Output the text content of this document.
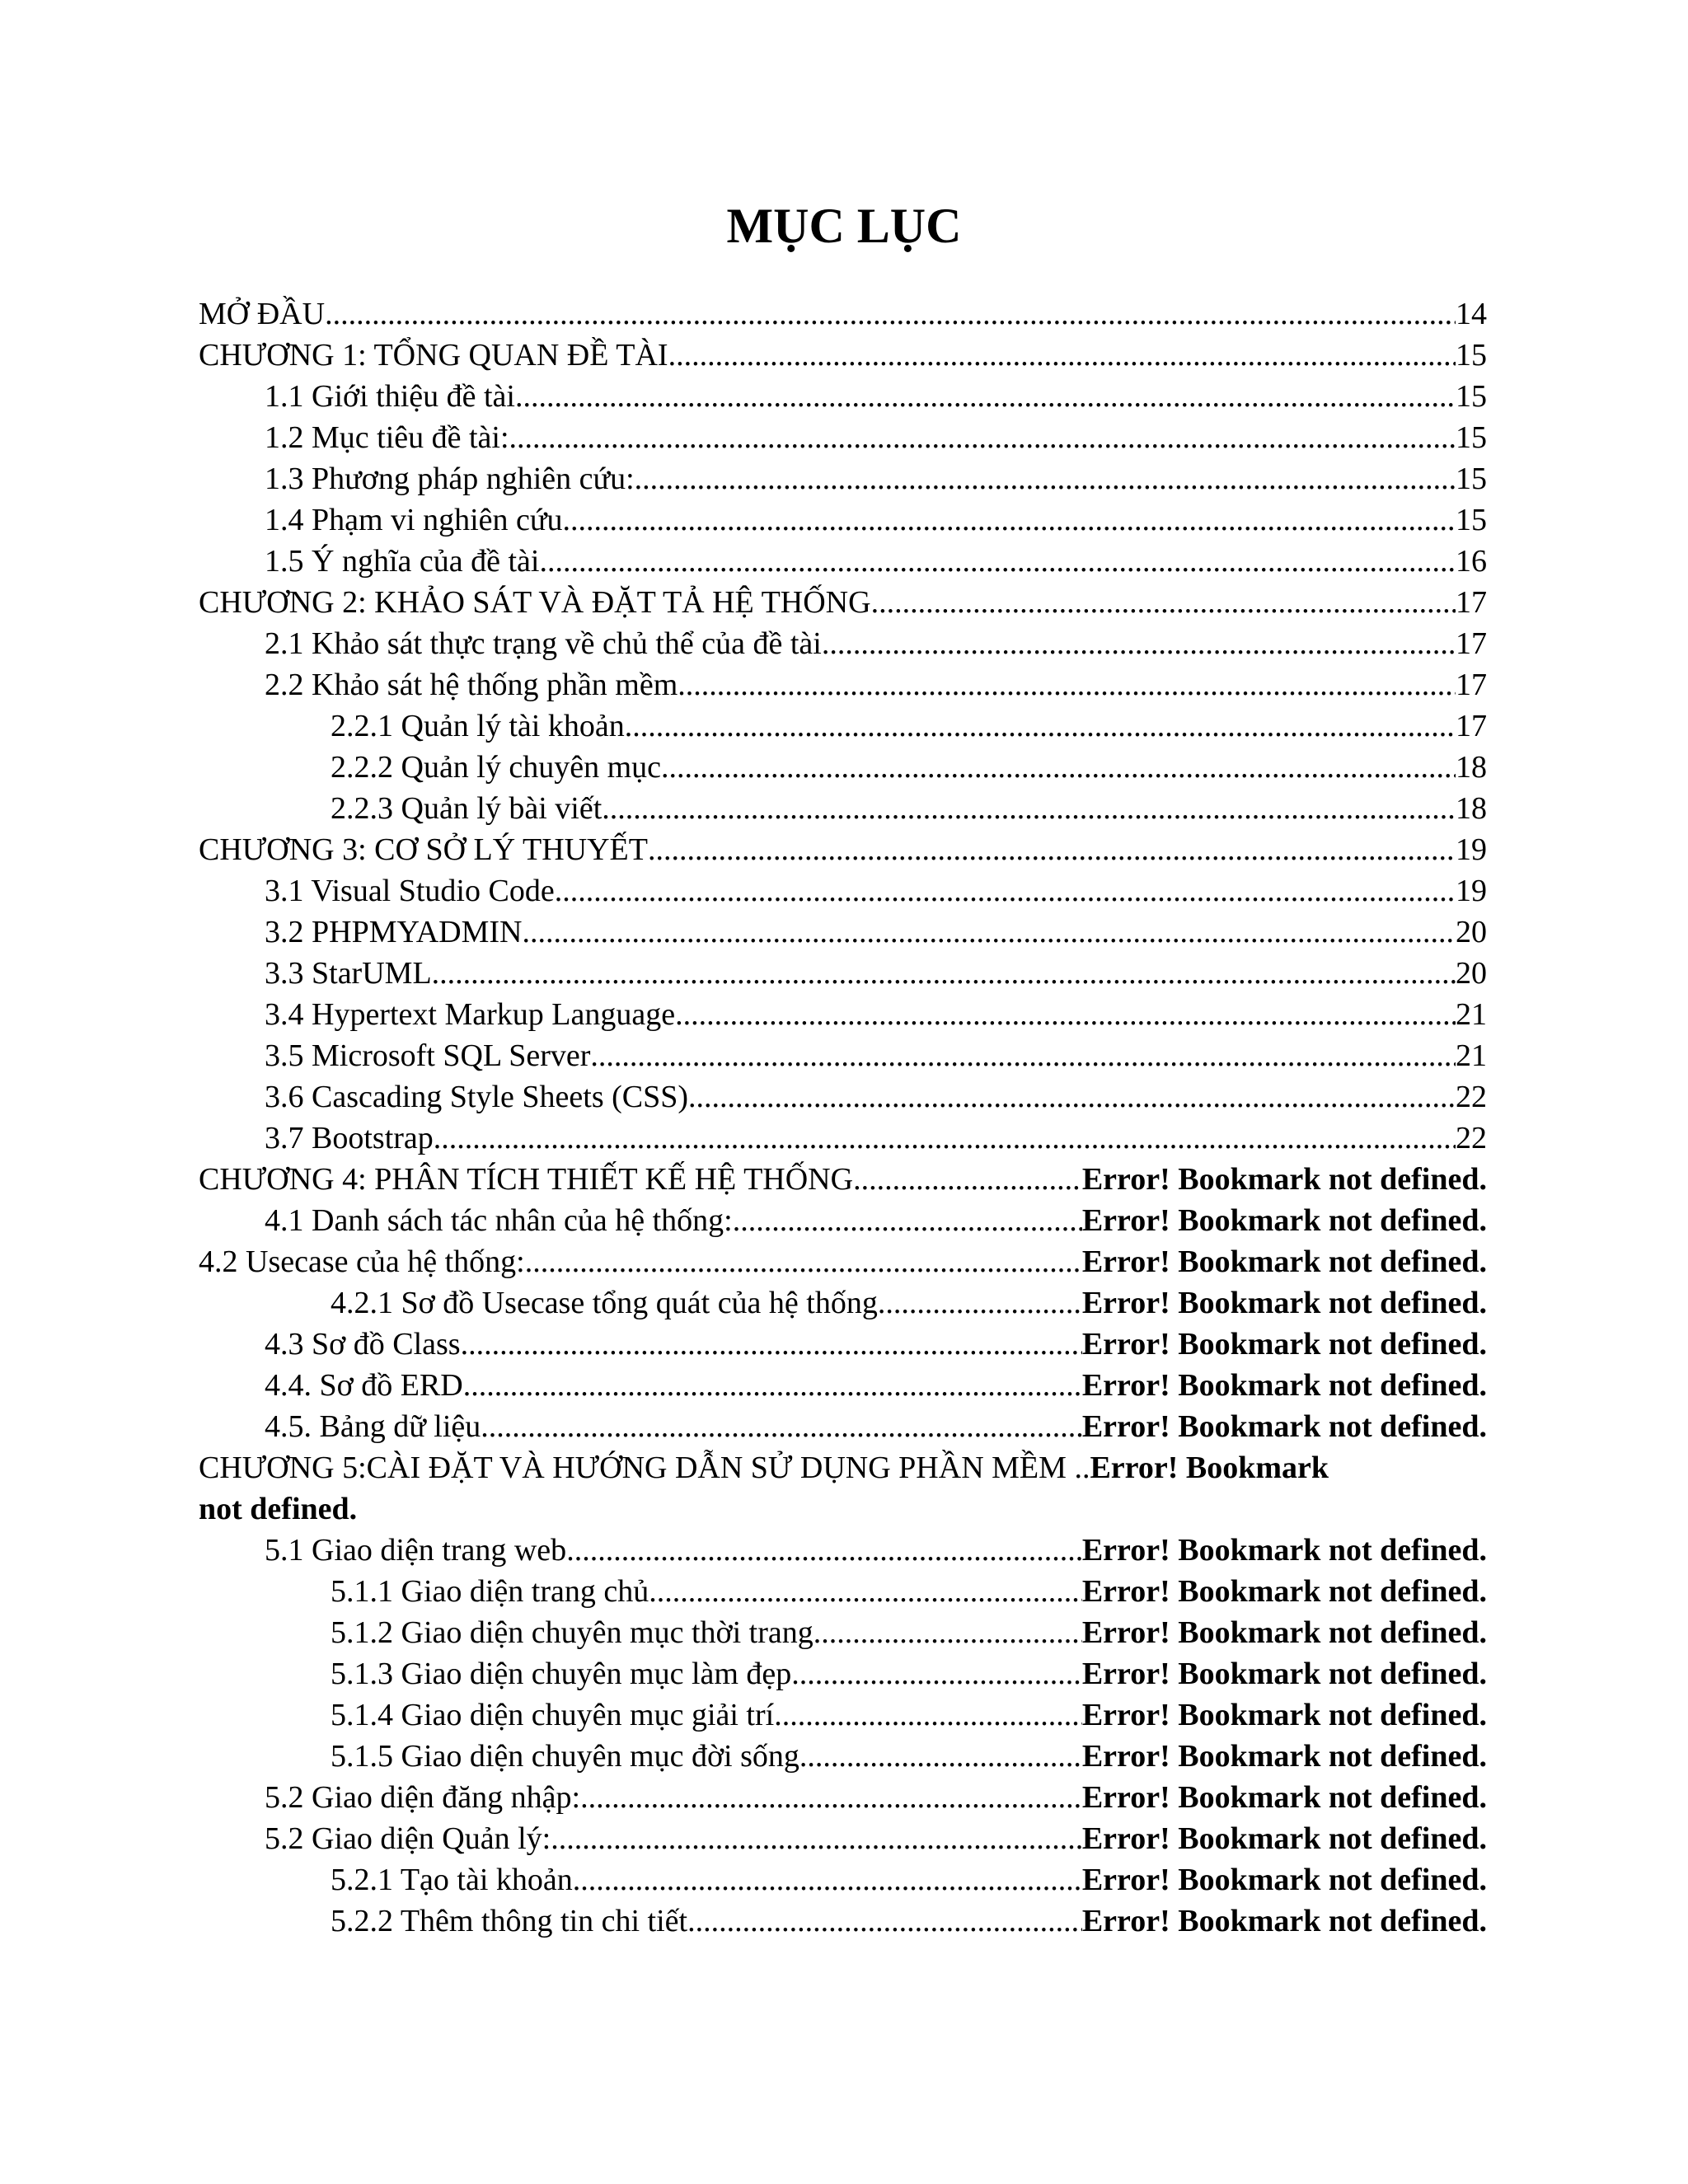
MỤC LỤC
MỞ ĐẦU .....	14
CHƯƠNG 1: TỔNG QUAN ĐỀ TÀI .....	15
1.1 Giới thiệu đề tài .....	15
1.2 Mục tiêu đề tài: .....	15
1.3 Phương pháp nghiên cứu: .....	15
1.4 Phạm vi nghiên cứu .....	15
1.5 Ý nghĩa của đề tài .....	16
CHƯƠNG 2: KHẢO SÁT VÀ ĐẶT TẢ HỆ THỐNG .....	17
2.1 Khảo sát thực trạng về chủ thể của đề tài. .....	17
2.2 Khảo sát hệ thống phần mềm .....	17
2.2.1 Quản lý tài khoản .....	17
2.2.2 Quản lý chuyên mục .....	18
2.2.3 Quản lý bài viết .....	18
CHƯƠNG 3: CƠ SỞ LÝ THUYẾT .....	19
3.1 Visual Studio Code .....	19
3.2 PHPMYADMIN .....	20
3.3 StarUML .....	20
3.4 Hypertext Markup Language .....	21
3.5 Microsoft SQL Server .....	21
3.6 Cascading Style Sheets (CSS) .....	22
3.7 Bootstrap .....	22
CHƯƠNG 4: PHÂN TÍCH THIẾT KẾ HỆ THỐNG .....	Error! Bookmark not defined.
4.1 Danh sách tác nhân của hệ thống: .....	Error! Bookmark not defined.
4.2 Usecase của hệ thống: .....	Error! Bookmark not defined.
4.2.1 Sơ đồ Usecase tổng quát của hệ thống .....	Error! Bookmark not defined.
4.3 Sơ đồ Class .....	Error! Bookmark not defined.
4.4. Sơ đồ ERD .....	Error! Bookmark not defined.
4.5. Bảng dữ liệu .....	Error! Bookmark not defined.
CHƯƠNG 5:CÀI ĐẶT VÀ HƯỚNG DẪN SỬ DỤNG PHẦN MỀM ..Error! Bookmark
not defined.
5.1 Giao diện trang web .....	Error! Bookmark not defined.
5.1.1 Giao diện trang chủ .....	Error! Bookmark not defined.
5.1.2 Giao diện chuyên mục thời trang .....	Error! Bookmark not defined.
5.1.3 Giao diện chuyên mục làm đẹp .....	Error! Bookmark not defined.
5.1.4 Giao diện chuyên mục giải trí .....	Error! Bookmark not defined.
5.1.5 Giao diện chuyên mục đời sống .....	Error! Bookmark not defined.
5.2 Giao diện đăng nhập: .....	Error! Bookmark not defined.
5.2 Giao diện Quản lý: .....	Error! Bookmark not defined.
5.2.1 Tạo tài khoản .....	Error! Bookmark not defined.
5.2.2 Thêm thông tin chi tiết .....	Error! Bookmark not defined.
